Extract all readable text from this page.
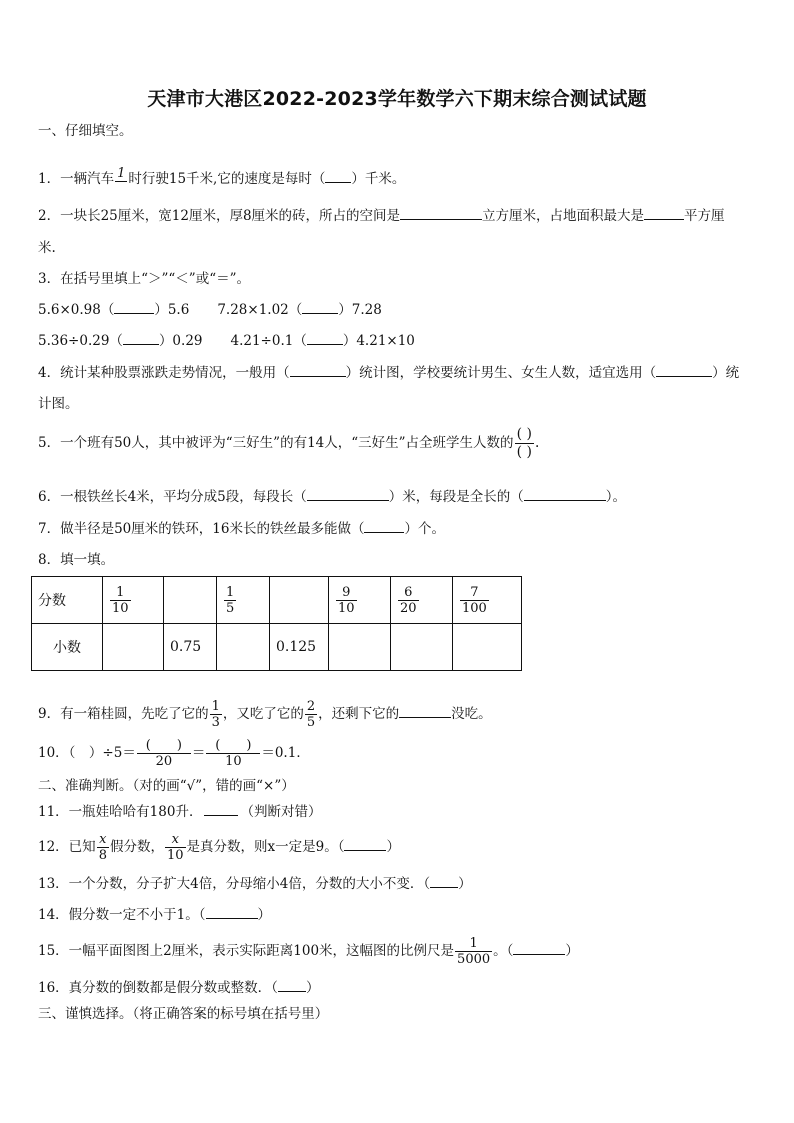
天津市大港区2022-2023学年数学六下期末综合测试试题
一、仔细填空。
1．一辆汽车 1 时行驶15千米,它的速度是每时（ ）千米。
2．一块长25厘米，宽12厘米，厚8厘米的砖，所占的空间是	立方厘米，占地面积最大是	平方厘
米.
3．在括号里填上“＞”“＜”或“＝”。
5.6×0.98（	）5.6 7.28×1.02（	）7.28
5.36÷0.29（	）0.29 4.21÷0.1（	）4.21×10
4．统计某种股票涨跌走势情况，一般用（	）统计图，学校要统计男生、女生人数，适宜选用（	）统
计图。
5．一个班有50人，其中被评为“三好生”的有14人，“三好生”占全班学生人数的 $\frac{( )}{( )}$ .
6．一根铁丝长4米，平均分成5段，每段长（	）米，每段是全长的（	）。
7．做半径是50厘米的铁环，16米长的铁丝最多能做（	）个。
8．填一填。
分数	$\frac{1}{10}$		$\frac{1}{5}$		$\frac{9}{10}$	$\frac{6}{20}$	$\frac{7}{100}$

小数		0.75		0.125			
9．有一箱桂圆，先吃了它的 $\frac{1}{3}$ ，又吃了它的 $\frac{2}{5}$ ，还剩下它的	没吃。
10．（　）$\div 5= \frac{( )}{20} = \frac{( )}{10} =0.1$．
二、准确判断。（对的画“√”，错的画“×”）
11．一瓶娃哈哈有180升．	（判断对错）
12．已知 $\frac{x}{8}$ 假分数， $\frac{x}{10}$ 是真分数，则x一定是9。（	）
13．一个分数，分子扩大4倍，分母缩小4倍，分数的大小不变．（ ）
14．假分数一定不小于1。（	）
15．一幅平面图图上2厘米，表示实际距离100米，这幅图的比例尺是 $\frac{1}{5000}$ 。（	）
16．真分数的倒数都是假分数或整数．（ ）
三、谨慎选择。（将正确答案的标号填在括号里）
